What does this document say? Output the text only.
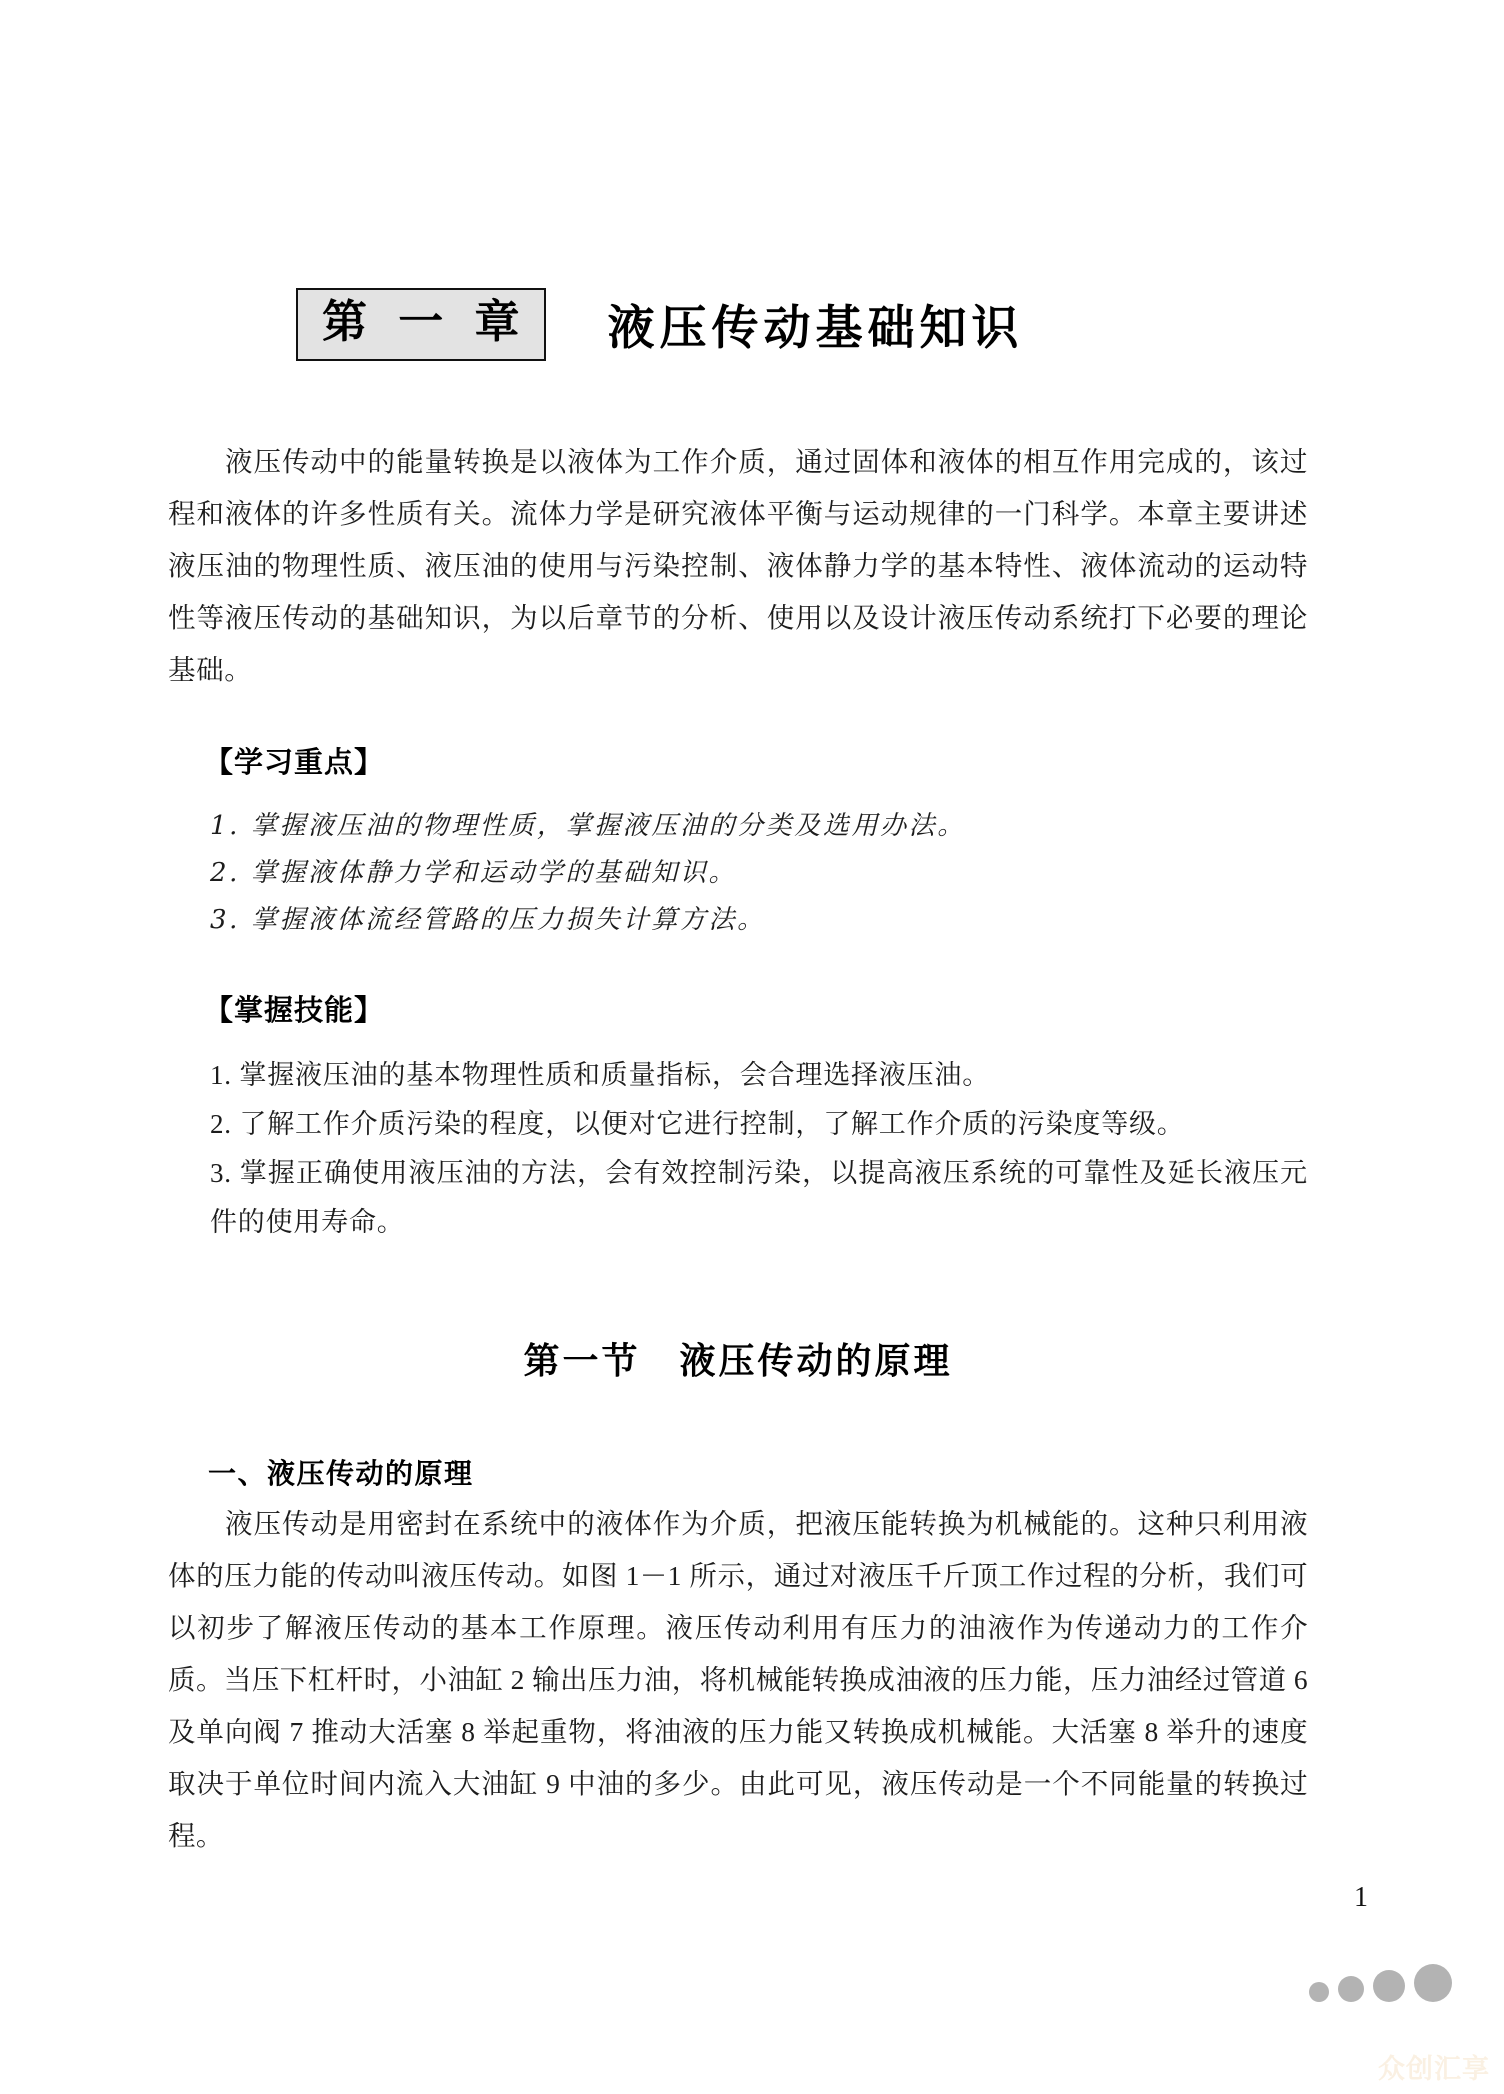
第 一 章	液压传动基础知识

液压传动中的能量转换是以液体为工作介质，通过固体和液体的相互作用完成的，该过程和液体的许多性质有关。流体力学是研究液体平衡与运动规律的一门科学。本章主要讲述液压油的物理性质、液压油的使用与污染控制、液体静力学的基本特性、液体流动的运动特性等液压传动的基础知识，为以后章节的分析、使用以及设计液压传动系统打下必要的理论基础。

【学习重点】
1. 掌握液压油的物理性质，掌握液压油的分类及选用办法。
2. 掌握液体静力学和运动学的基础知识。
3. 掌握液体流经管路的压力损失计算方法。
【掌握技能】
1. 掌握液压油的基本物理性质和质量指标，会合理选择液压油。
2. 了解工作介质污染的程度，以便对它进行控制，了解工作介质的污染度等级。
3. 掌握正确使用液压油的方法，会有效控制污染，以提高液压系统的可靠性及延长液压元件的使用寿命。
第一节　液压传动的原理
一、液压传动的原理

液压传动是用密封在系统中的液体作为介质，把液压能转换为机械能的。这种只利用液体的压力能的传动叫液压传动。如图 1－1 所示，通过对液压千斤顶工作过程的分析，我们可以初步了解液压传动的基本工作原理。液压传动利用有压力的油液作为传递动力的工作介质。当压下杠杆时，小油缸 2 输出压力油，将机械能转换成油液的压力能，压力油经过管道 6 及单向阀 7 推动大活塞 8 举起重物，将油液的压力能又转换成机械能。大活塞 8 举升的速度取决于单位时间内流入大油缸 9 中油的多少。由此可见，液压传动是一个不同能量的转换过程。

1
众创汇享
